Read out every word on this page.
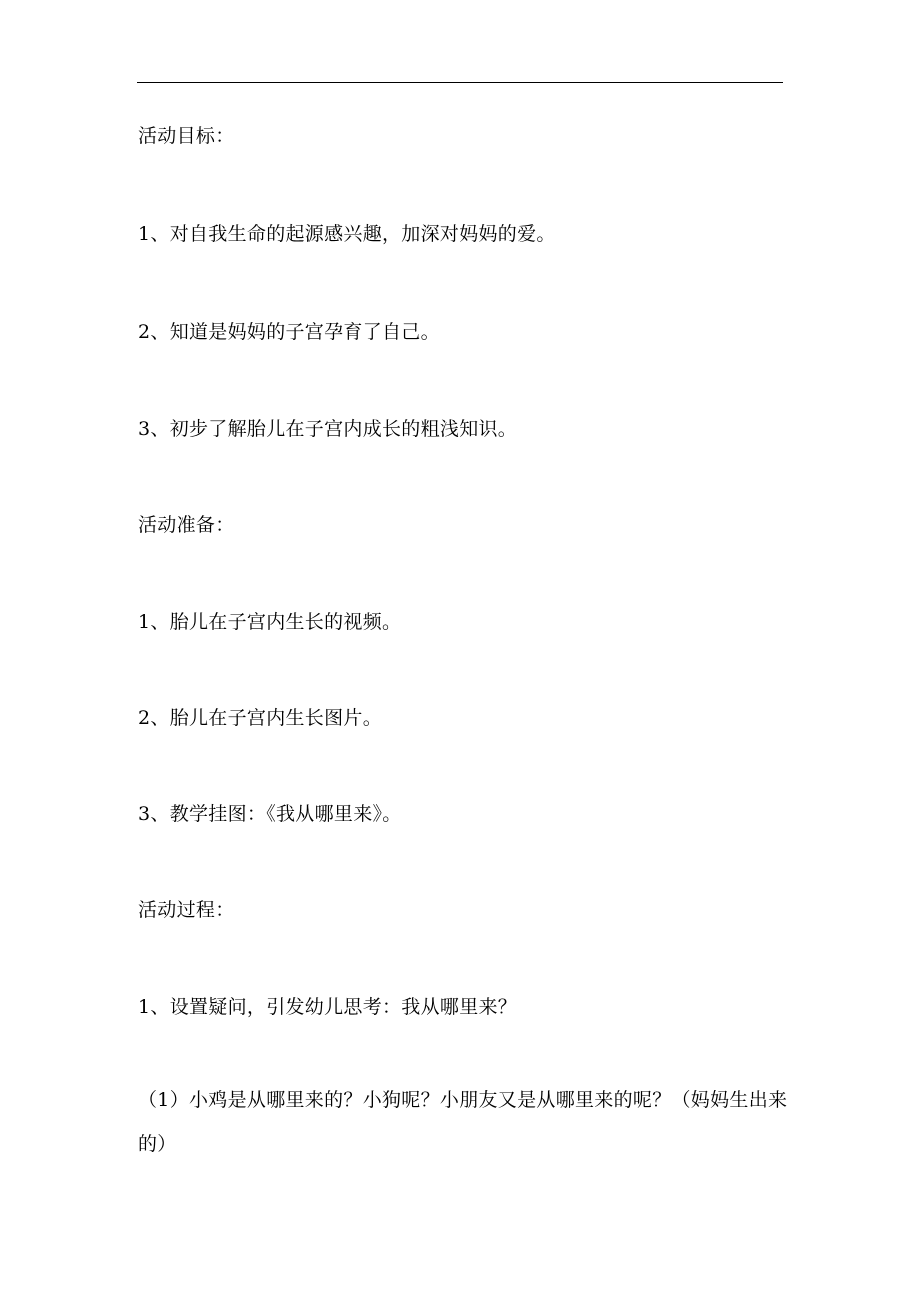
活动目标：
1、对自我生命的起源感兴趣，加深对妈妈的爱。
2、知道是妈妈的子宫孕育了自己。
3、初步了解胎儿在子宫内成长的粗浅知识。
活动准备：
1、胎儿在子宫内生长的视频。
2、胎儿在子宫内生长图片。
3、教学挂图：《我从哪里来》。
活动过程：
1、设置疑问，引发幼儿思考：我从哪里来？
（1）小鸡是从哪里来的？小狗呢？小朋友又是从哪里来的呢？（妈妈生出来的）
